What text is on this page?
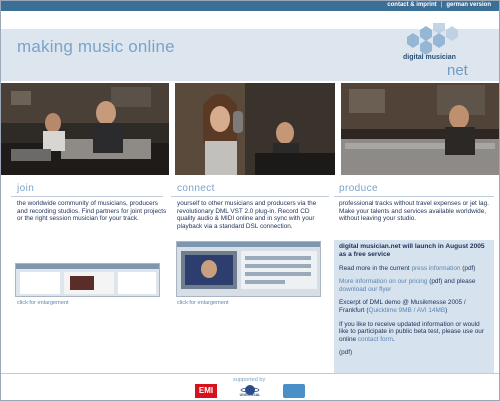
contact & imprint | german version
making music online
digital musician
net
join
the worldwide community of musicians, producers and recording studios. Find partners for joint projects or the right session musician for your track.
click for enlargement
connect
yourself to other musicians and producers via the revolutionary DML VST 2.0 plug-in. Record CD quality audio & MIDI online and in sync with your playback via a standard DSL connection.
click for enlargement
produce
professional tracks without travel expenses or jet lag. Make your talents and services available worldwide, without leaving your studio.
digital musician.net will launch in August 2005 as a free service

Read more in the current press information (pdf)

More information on our pricing (pdf) and please download our flyer

Excerpt of DML demo @ Musikmesse 2005 / Frankfurt (Quicktime 9MB / AVI 14MB)

If you like to receive updated information or would like to participate in public beta test, please use our online contact form.

(pdf)

supported by
EMI	UNIVERSAL
